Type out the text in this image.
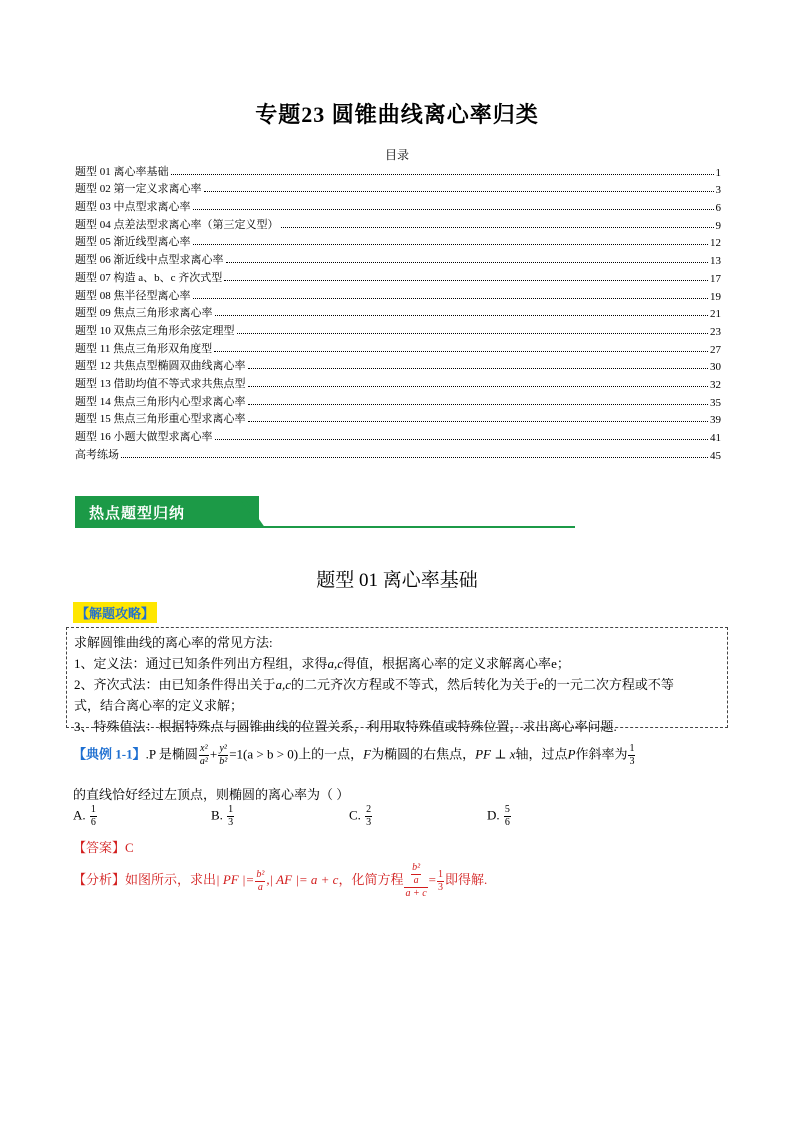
专题23 圆锥曲线离心率归类
目录
题型 01 离心率基础	1
题型 02 第一定义求离心率	3
题型 03 中点型求离心率	6
题型 04 点差法型求离心率（第三定义型）	9
题型 05 渐近线型离心率	12
题型 06 渐近线中点型求离心率	13
题型 07 构造 a、b、c 齐次式型	17
题型 08 焦半径型离心率	19
题型 09 焦点三角形求离心率	21
题型 10 双焦点三角形余弦定理型	23
题型 11 焦点三角形双角度型	27
题型 12 共焦点型椭圆双曲线离心率	30
题型 13 借助均值不等式求共焦点型	32
题型 14 焦点三角形内心型求离心率	35
题型 15 焦点三角形重心型求离心率	39
题型 16 小题大做型求离心率	41
高考练场	45
热点题型归纳
题型 01 离心率基础
【解题攻略】

求解圆锥曲线的离心率的常见方法:

1、定义法：通过已知条件列出方程组，求得a,c得值，根据离心率的定义求解离心率e；

2、齐次式法：由已知条件得出关于a,c的二元齐次方程或不等式，然后转化为关于e的一元二次方程或不等

式，结合离心率的定义求解；

3、特殊值法：根据特殊点与圆锥曲线的位置关系，利用取特殊值或特殊位置，求出离心率问题.

【典例 1-1】.P 是椭圆 $\frac{\text{x²}}{\text{a²}} + \frac{\text{y²}}{\text{b²}} =1(a > b > 0)$上的一点，F为椭圆的右焦点，PF ⊥ x轴，过点P作斜率为 $\frac{1}{3}$
的直线恰好经过左顶点，则椭圆的离心率为（ ）
A. $\frac{1}{6}$	B. $\frac{1}{3}$	C. $\frac{2}{3}$	D. $\frac{5}{6}$
【答案】C
【分析】如图所示，求出| PF |= $\frac{\text{b²}}{a}$ ,| AF |= a + c，化简方程 $\frac{\frac{\text{b²}}{a}}{a + c} = \frac{1}{3}$ 即得解.
